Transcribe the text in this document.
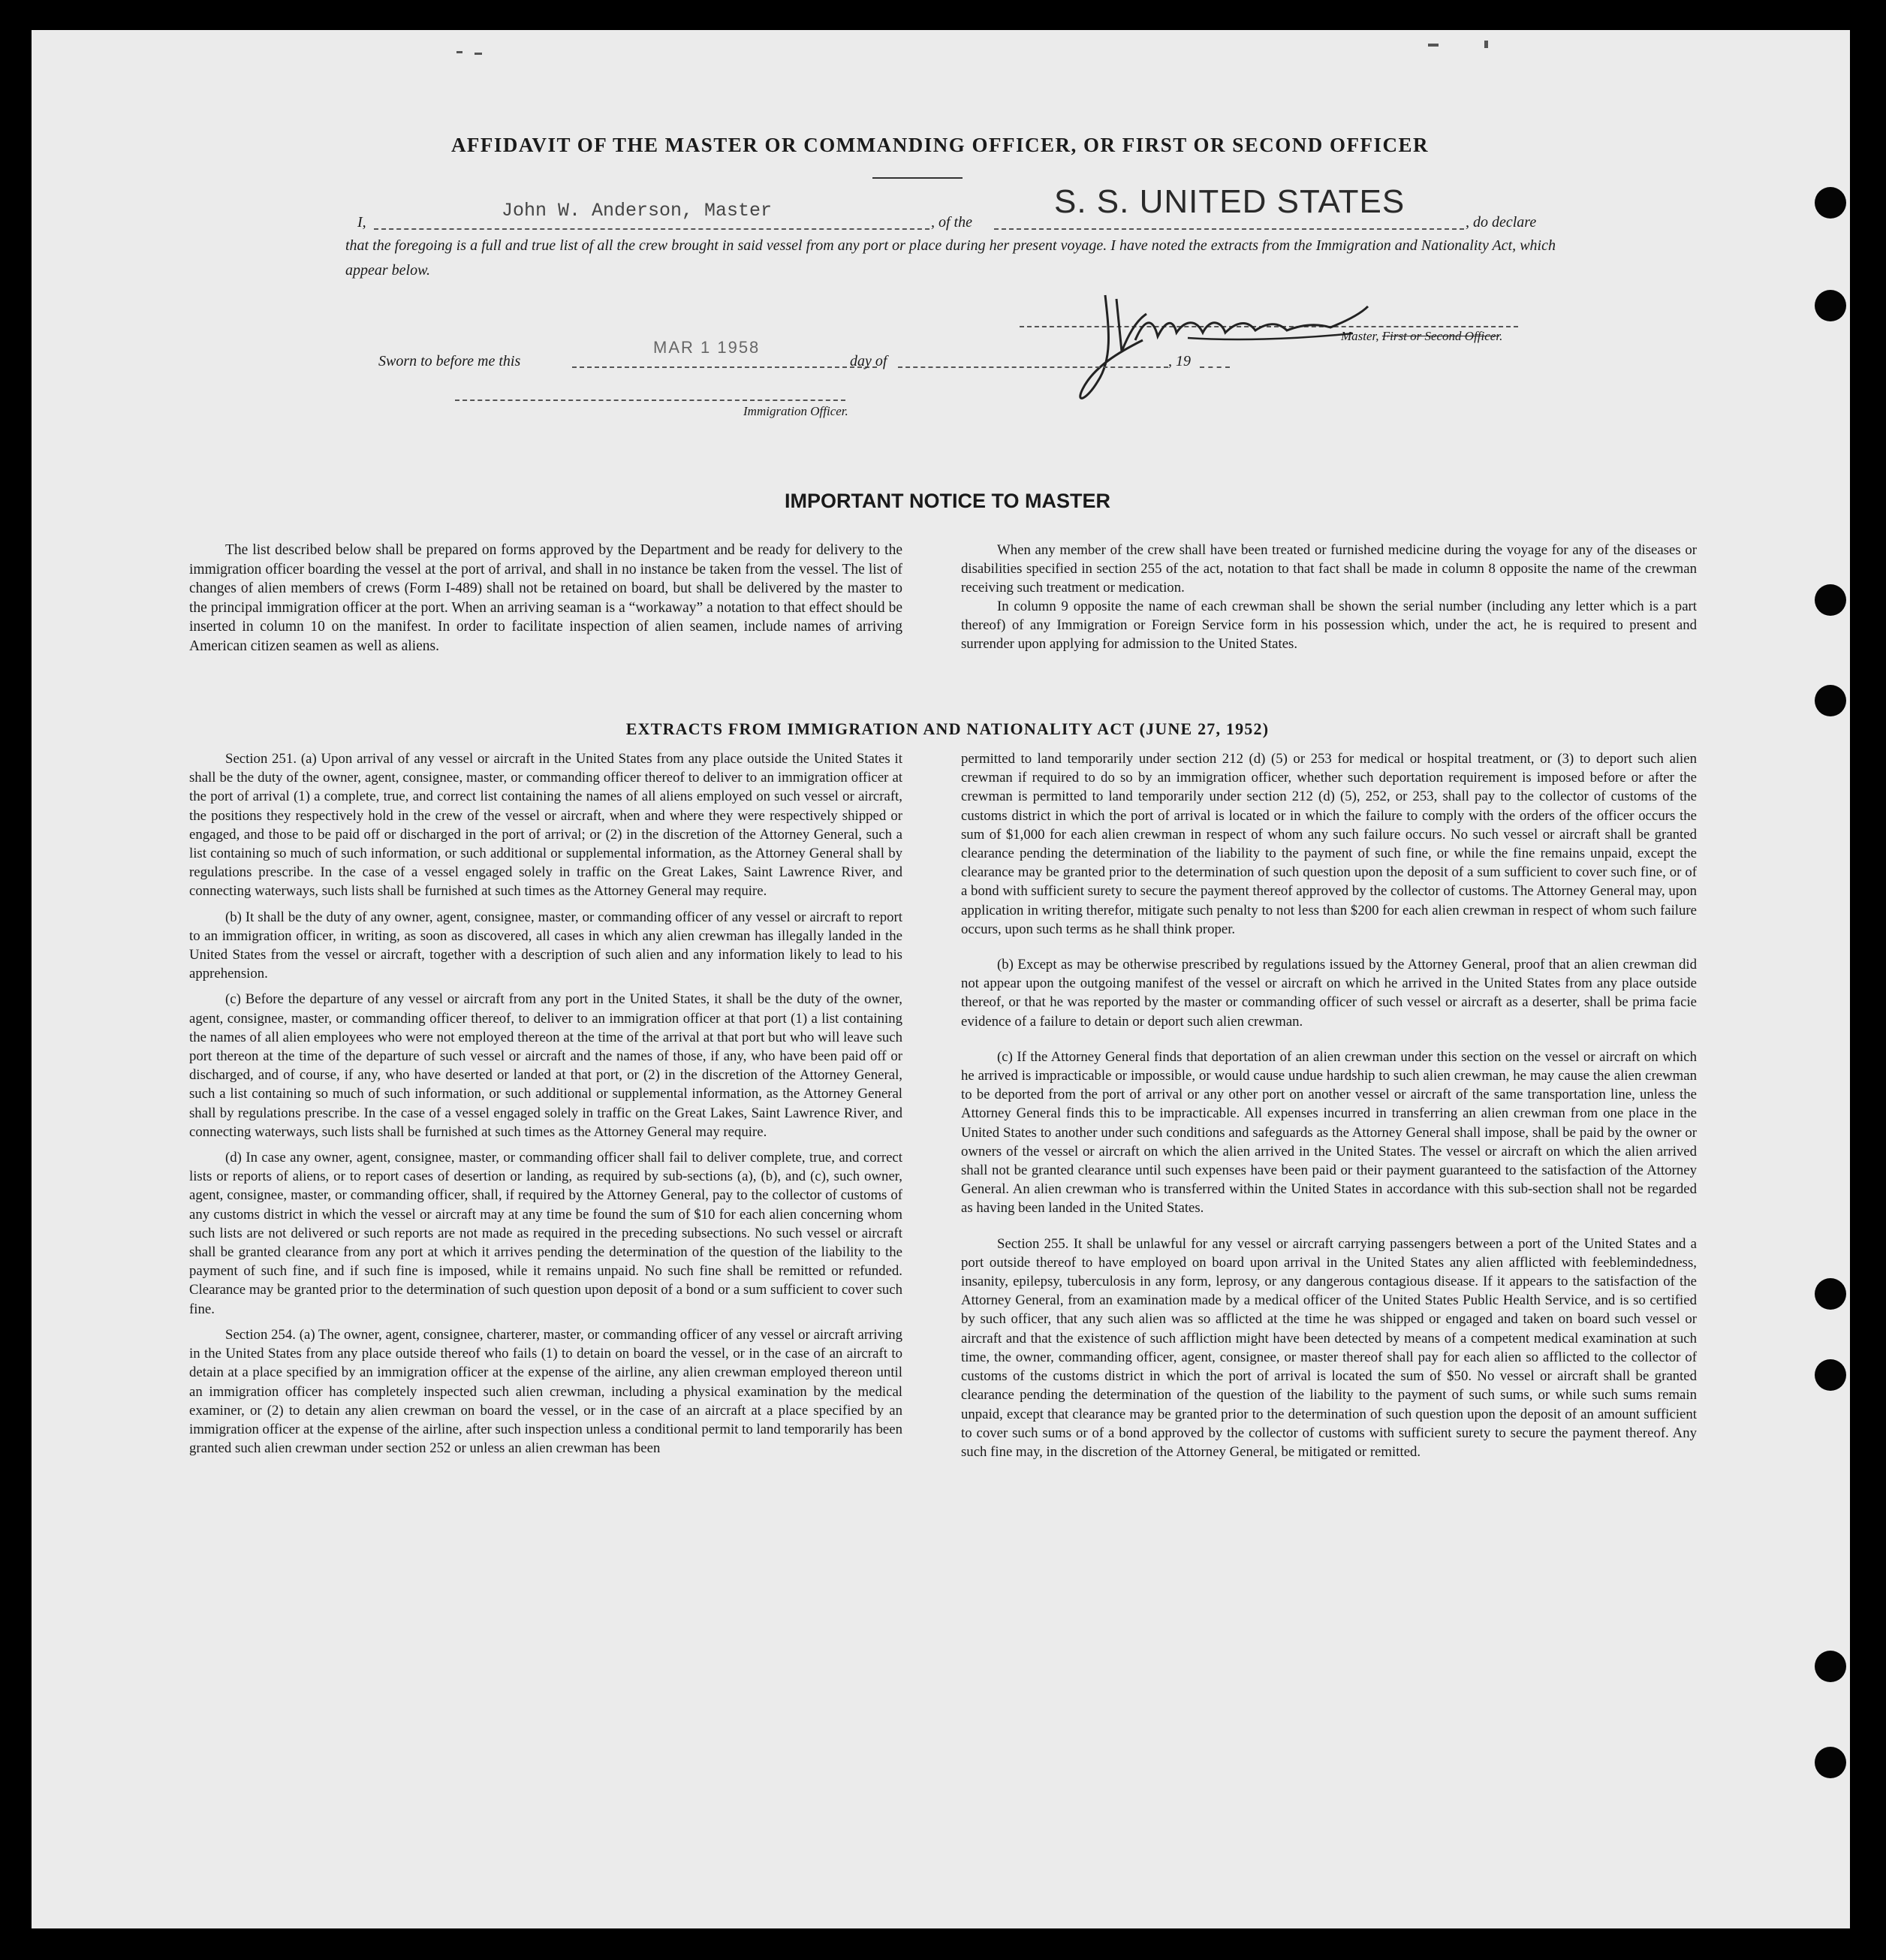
AFFIDAVIT OF THE MASTER OR COMMANDING OFFICER, OR FIRST OR SECOND OFFICER
I,
John W. Anderson, Master
, of the
S. S. UNITED STATES
, do declare
that the foregoing is a full and true list of all the crew brought in said vessel from any port or place during her present voyage. I have noted the extracts from the Immigration and Nationality Act, which appear below.
Master, First or Second Officer.
Sworn to before me this
MAR 1 1958
day of	, 19
Immigration Officer.
IMPORTANT NOTICE TO MASTER

The list described below shall be prepared on forms approved by the Department and be ready for delivery to the immigration officer boarding the vessel at the port of arrival, and shall in no instance be taken from the vessel. The list of changes of alien members of crews (Form I-489) shall not be retained on board, but shall be delivered by the master to the principal immigration officer at the port. When an arriving seaman is a “workaway” a notation to that effect should be inserted in column 10 on the manifest. In order to facilitate inspection of alien seamen, include names of arriving American citizen seamen as well as aliens.

When any member of the crew shall have been treated or furnished medicine during the voyage for any of the diseases or disabilities specified in section 255 of the act, notation to that fact shall be made in column 8 opposite the name of the crewman receiving such treatment or medication.

In column 9 opposite the name of each crewman shall be shown the serial number (including any letter which is a part thereof) of any Immigration or Foreign Service form in his possession which, under the act, he is required to present and surrender upon applying for admission to the United States.

EXTRACTS FROM IMMIGRATION AND NATIONALITY ACT (JUNE 27, 1952)

Section 251. (a) Upon arrival of any vessel or aircraft in the United States from any place outside the United States it shall be the duty of the owner, agent, consignee, master, or commanding officer thereof to deliver to an immigration officer at the port of arrival (1) a complete, true, and correct list containing the names of all aliens employed on such vessel or aircraft, the positions they respectively hold in the crew of the vessel or aircraft, when and where they were respectively shipped or engaged, and those to be paid off or discharged in the port of arrival; or (2) in the discretion of the Attorney General, such a list containing so much of such information, or such additional or supplemental information, as the Attorney General shall by regulations prescribe. In the case of a vessel engaged solely in traffic on the Great Lakes, Saint Lawrence River, and connecting waterways, such lists shall be furnished at such times as the Attorney General may require.

(b) It shall be the duty of any owner, agent, consignee, master, or commanding officer of any vessel or aircraft to report to an immigration officer, in writing, as soon as discovered, all cases in which any alien crewman has illegally landed in the United States from the vessel or aircraft, together with a description of such alien and any information likely to lead to his apprehension.

(c) Before the departure of any vessel or aircraft from any port in the United States, it shall be the duty of the owner, agent, consignee, master, or commanding officer thereof, to deliver to an immigration officer at that port (1) a list containing the names of all alien employees who were not employed thereon at the time of the arrival at that port but who will leave such port thereon at the time of the departure of such vessel or aircraft and the names of those, if any, who have been paid off or discharged, and of course, if any, who have deserted or landed at that port, or (2) in the discretion of the Attorney General, such a list containing so much of such information, or such additional or supplemental information, as the Attorney General shall by regulations prescribe. In the case of a vessel engaged solely in traffic on the Great Lakes, Saint Lawrence River, and connecting waterways, such lists shall be furnished at such times as the Attorney General may require.

(d) In case any owner, agent, consignee, master, or commanding officer shall fail to deliver complete, true, and correct lists or reports of aliens, or to report cases of desertion or landing, as required by sub-sections (a), (b), and (c), such owner, agent, consignee, master, or commanding officer, shall, if required by the Attorney General, pay to the collector of customs of any customs district in which the vessel or aircraft may at any time be found the sum of $10 for each alien concerning whom such lists are not delivered or such reports are not made as required in the preceding subsections. No such vessel or aircraft shall be granted clearance from any port at which it arrives pending the determination of the question of the liability to the payment of such fine, and if such fine is imposed, while it remains unpaid. No such fine shall be remitted or refunded. Clearance may be granted prior to the determination of such question upon deposit of a bond or a sum sufficient to cover such fine.

Section 254. (a) The owner, agent, consignee, charterer, master, or commanding officer of any vessel or aircraft arriving in the United States from any place outside thereof who fails (1) to detain on board the vessel, or in the case of an aircraft to detain at a place specified by an immigration officer at the expense of the airline, any alien crewman employed thereon until an immigration officer has completely inspected such alien crewman, including a physical examination by the medical examiner, or (2) to detain any alien crewman on board the vessel, or in the case of an aircraft at a place specified by an immigration officer at the expense of the airline, after such inspection unless a conditional permit to land temporarily has been granted such alien crewman under section 252 or unless an alien crewman has been

permitted to land temporarily under section 212 (d) (5) or 253 for medical or hospital treatment, or (3) to deport such alien crewman if required to do so by an immigration officer, whether such deportation requirement is imposed before or after the crewman is permitted to land temporarily under section 212 (d) (5), 252, or 253, shall pay to the collector of customs of the customs district in which the port of arrival is located or in which the failure to comply with the orders of the officer occurs the sum of $1,000 for each alien crewman in respect of whom any such failure occurs. No such vessel or aircraft shall be granted clearance pending the determination of the liability to the payment of such fine, or while the fine remains unpaid, except the clearance may be granted prior to the determination of such question upon the deposit of a sum sufficient to cover such fine, or of a bond with sufficient surety to secure the payment thereof approved by the collector of customs. The Attorney General may, upon application in writing therefor, mitigate such penalty to not less than $200 for each alien crewman in respect of whom such failure occurs, upon such terms as he shall think proper.

(b) Except as may be otherwise prescribed by regulations issued by the Attorney General, proof that an alien crewman did not appear upon the outgoing manifest of the vessel or aircraft on which he arrived in the United States from any place outside thereof, or that he was reported by the master or commanding officer of such vessel or aircraft as a deserter, shall be prima facie evidence of a failure to detain or deport such alien crewman.

(c) If the Attorney General finds that deportation of an alien crewman under this section on the vessel or aircraft on which he arrived is impracticable or impossible, or would cause undue hardship to such alien crewman, he may cause the alien crewman to be deported from the port of arrival or any other port on another vessel or aircraft of the same transportation line, unless the Attorney General finds this to be impracticable. All expenses incurred in transferring an alien crewman from one place in the United States to another under such conditions and safeguards as the Attorney General shall impose, shall be paid by the owner or owners of the vessel or aircraft on which the alien arrived in the United States. The vessel or aircraft on which the alien arrived shall not be granted clearance until such expenses have been paid or their payment guaranteed to the satisfaction of the Attorney General. An alien crewman who is transferred within the United States in accordance with this sub-section shall not be regarded as having been landed in the United States.

Section 255. It shall be unlawful for any vessel or aircraft carrying passengers between a port of the United States and a port outside thereof to have employed on board upon arrival in the United States any alien afflicted with feeblemindedness, insanity, epilepsy, tuberculosis in any form, leprosy, or any dangerous contagious disease. If it appears to the satisfaction of the Attorney General, from an examination made by a medical officer of the United States Public Health Service, and is so certified by such officer, that any such alien was so afflicted at the time he was shipped or engaged and taken on board such vessel or aircraft and that the existence of such affliction might have been detected by means of a competent medical examination at such time, the owner, commanding officer, agent, consignee, or master thereof shall pay for each alien so afflicted to the collector of customs of the customs district in which the port of arrival is located the sum of $50. No vessel or aircraft shall be granted clearance pending the determination of the question of the liability to the payment of such sums, or while such sums remain unpaid, except that clearance may be granted prior to the determination of such question upon the deposit of an amount sufficient to cover such sums or of a bond approved by the collector of customs with sufficient surety to secure the payment thereof. Any such fine may, in the discretion of the Attorney General, be mitigated or remitted.
